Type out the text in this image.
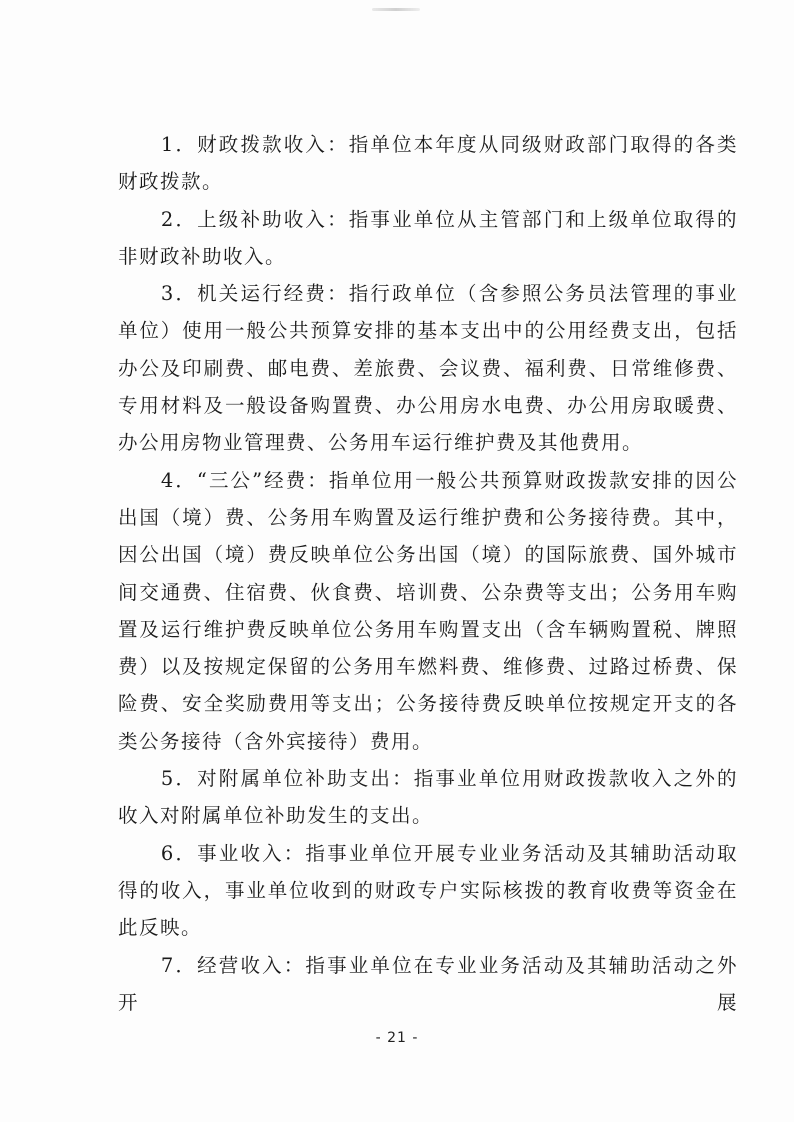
1．财政拨款收入：指单位本年度从同级财政部门取得的各类财政拨款。

2．上级补助收入：指事业单位从主管部门和上级单位取得的非财政补助收入。

3．机关运行经费：指行政单位（含参照公务员法管理的事业单位）使用一般公共预算安排的基本支出中的公用经费支出，包括办公及印刷费、邮电费、差旅费、会议费、福利费、日常维修费、专用材料及一般设备购置费、办公用房水电费、办公用房取暖费、办公用房物业管理费、公务用车运行维护费及其他费用。

4．“三公”经费：指单位用一般公共预算财政拨款安排的因公出国（境）费、公务用车购置及运行维护费和公务接待费。其中，因公出国（境）费反映单位公务出国（境）的国际旅费、国外城市间交通费、住宿费、伙食费、培训费、公杂费等支出；公务用车购置及运行维护费反映单位公务用车购置支出（含车辆购置税、牌照费）以及按规定保留的公务用车燃料费、维修费、过路过桥费、保险费、安全奖励费用等支出；公务接待费反映单位按规定开支的各类公务接待（含外宾接待）费用。

5．对附属单位补助支出：指事业单位用财政拨款收入之外的收入对附属单位补助发生的支出。

6．事业收入：指事业单位开展专业业务活动及其辅助活动取得的收入，事业单位收到的财政专户实际核拨的教育收费等资金在此反映。

7．经营收入：指事业单位在专业业务活动及其辅助活动之外开展

- 21 -
